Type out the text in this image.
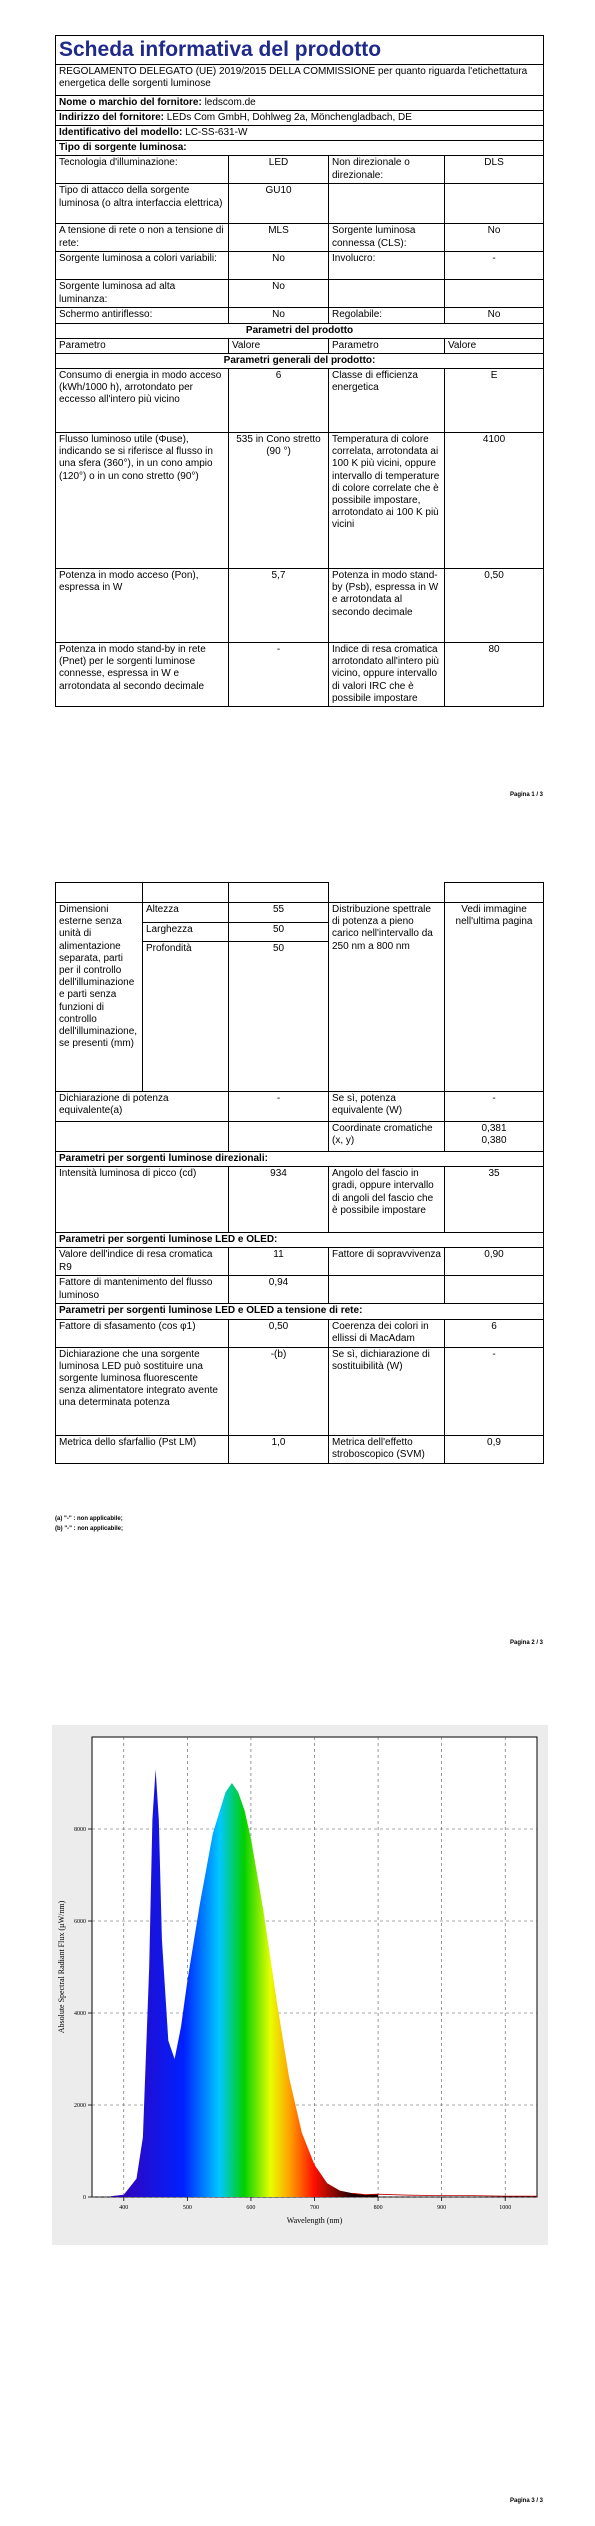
Scheda informativa del prodotto			
REGOLAMENTO DELEGATO (UE) 2019/2015 DELLA COMMISSIONE per quanto riguarda l'etichettatura energetica delle sorgenti luminose			
Nome o marchio del fornitore: ledscom.de			
Indirizzo del fornitore: LEDs Com GmbH, Dohlweg 2a, Mönchengladbach, DE			
Identificativo del modello: LC-SS-631-W			
Tipo di sorgente luminosa:			
Tecnologia d'illuminazione:	LED	Non direzionale o direzionale:	DLS
Tipo di attacco della sorgente luminosa (o altra interfaccia elettrica)	GU10		
A tensione di rete o non a tensione di rete:	MLS	Sorgente luminosa connessa (CLS):	No
Sorgente luminosa a colori variabili:	No	Involucro:	-
Sorgente luminosa ad alta luminanza:	No		
Schermo antiriflesso:	No	Regolabile:	No
Parametri del prodotto			
Parametro	Valore	Parametro	Valore
Parametri generali del prodotto:			
Consumo di energia in modo acceso (kWh/1000 h), arrotondato per eccesso all'intero più vicino	6	Classe di efficienza energetica	E
Flusso luminoso utile (Φuse), indicando se si riferisce al flusso in una sfera (360°), in un cono ampio (120°) o in un cono stretto (90°)	535 in Cono stretto (90 °)	Temperatura di colore correlata, arrotondata ai 100 K più vicini, oppure intervallo di temperature di colore correlate che è possibile impostare, arrotondato ai 100 K più vicini	4100
Potenza in modo acceso (Pon), espressa in W	5,7	Potenza in modo stand-by (Psb), espressa in W e arrotondata al secondo decimale	0,50
Potenza in modo stand-by in rete (Pnet) per le sorgenti luminose connesse, espressa in W e arrotondata al secondo decimale	-	Indice di resa cromatica arrotondato all'intero più vicino, oppure intervallo di valori IRC che è possibile impostare	80
Pagina 1 / 3

Dimensioni esterne senza unità di alimentazione separata, parti per il controllo dell'illuminazione e parti senza funzioni di controllo dell'illuminazione, se presenti (mm)	Altezza	55	Distribuzione spettrale di potenza a pieno carico nell'intervallo da 250 nm a 800 nm	Vedi immagine nell'ultima pagina
	Larghezza	50		
	Profondità	50		
Dichiarazione di potenza equivalente(a)		-	Se sì, potenza equivalente (W)	-
			Coordinate cromatiche (x, y)	0,381
0,380

Parametri per sorgenti luminose direzionali:				
Intensità luminosa di picco (cd)		934	Angolo del fascio in gradi, oppure intervallo di angoli del fascio che è possibile impostare	35
Parametri per sorgenti luminose LED e OLED:				
Valore dell'indice di resa cromatica R9		11	Fattore di sopravvivenza	0,90
Fattore di mantenimento del flusso luminoso		0,94		
Parametri per sorgenti luminose LED e OLED a tensione di rete:				
Fattore di sfasamento (cos φ1)		0,50	Coerenza dei colori in ellissi di MacAdam	6
Dichiarazione che una sorgente luminosa LED può sostituire una sorgente luminosa fluorescente senza alimentatore integrato avente una determinata potenza		-(b)	Se sì, dichiarazione di sostituibilità (W)	-
Metrica dello sfarfallio (Pst LM)		1,0	Metrica dell'effetto stroboscopico (SVM)	0,9
(a) "-" : non applicabile;
(b) "-" : non applicabile;
Pagina 2 / 3
400	500	600	700	800	900	1000
0
2000
4000
6000
8000
Wavelength (nm)
Absolute Spectral Radiant Flux (µW/nm)
Pagina 3 / 3
